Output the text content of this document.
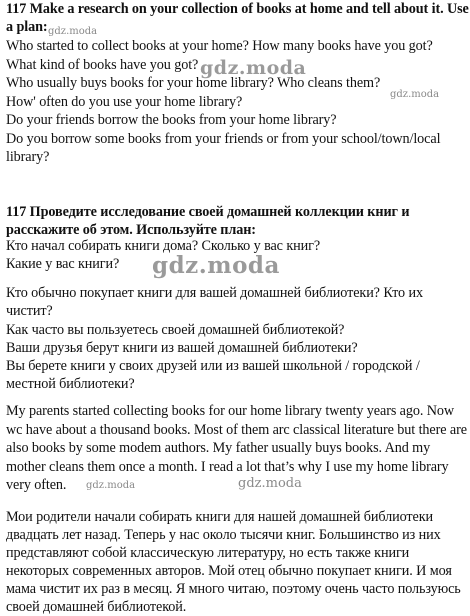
117 Make a research on your collection of books at home and tell about it. Use
a plan:
Who started to collect books at your home? How many books have you got?
What kind of books have you got?
Who usually buys books for your home library? Who cleans them?
How' often do you use your home library?
Do your friends borrow the books from your home library?
Do you borrow some books from your friends or from your school/town/local
library?
117 Проведите исследование своей домашней коллекции книг и
расскажите об этом. Используйте план:
Кто начал собирать книги дома? Сколько у вас книг?
Какие у вас книги?
Кто обычно покупает книги для вашей домашней библиотеки? Кто их
чистит?
Как часто вы пользуетесь своей домашней библиотекой?
Ваши друзья берут книги из вашей домашней библиотеки?
Вы берете книги у своих друзей или из вашей школьной / городской /
местной библиотеки?
My parents started collecting books for our home library twenty years ago. Now
wc have about a thousand books. Most of them arc classical literature but there are
also books by some modem authors. My father usually buys books. And my
mother cleans them once a month. I read a lot that’s why I use my home library
very often.
Мои родители начали собирать книги для нашей домашней библиотеки
двадцать лет назад. Теперь у нас около тысячи книг. Большинство из них
представляют собой классическую литературу, но есть также книги
некоторых современных авторов. Мой отец обычно покупает книги. И моя
мама чистит их раз в месяц. Я много читаю, поэтому очень часто пользуюсь
своей домашней библиотекой.
gdz.moda
gdz.moda
gdz.moda
gdz.moda
gdz.moda	gdz.moda
